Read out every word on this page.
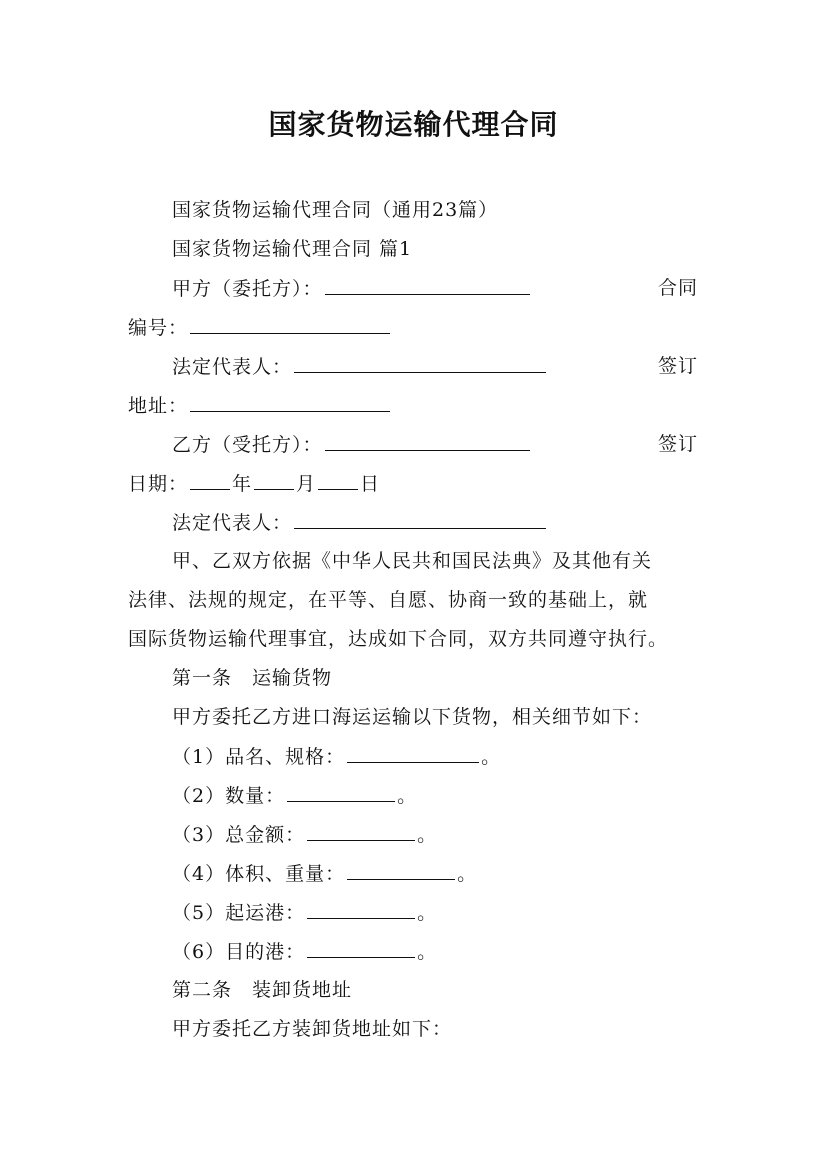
国家货物运输代理合同
国家货物运输代理合同（通用23篇）
国家货物运输代理合同 篇1
甲方（委托方）：	合同
编号：
法定代表人：	签订
地址：
乙方（受托方）：	签订
日期： 年 月 日
法定代表人：
甲、乙双方依据《中华人民共和国民法典》及其他有关
法律、法规的规定，在平等、自愿、协商一致的基础上，就
国际货物运输代理事宜，达成如下合同，双方共同遵守执行。
第一条　运输货物
甲方委托乙方进口海运运输以下货物，相关细节如下：
（1）品名、规格：	。
（2）数量：	。
（3）总金额：	。
（4）体积、重量：	。
（5）起运港：	。
（6）目的港：	。
第二条　装卸货地址
甲方委托乙方装卸货地址如下：
